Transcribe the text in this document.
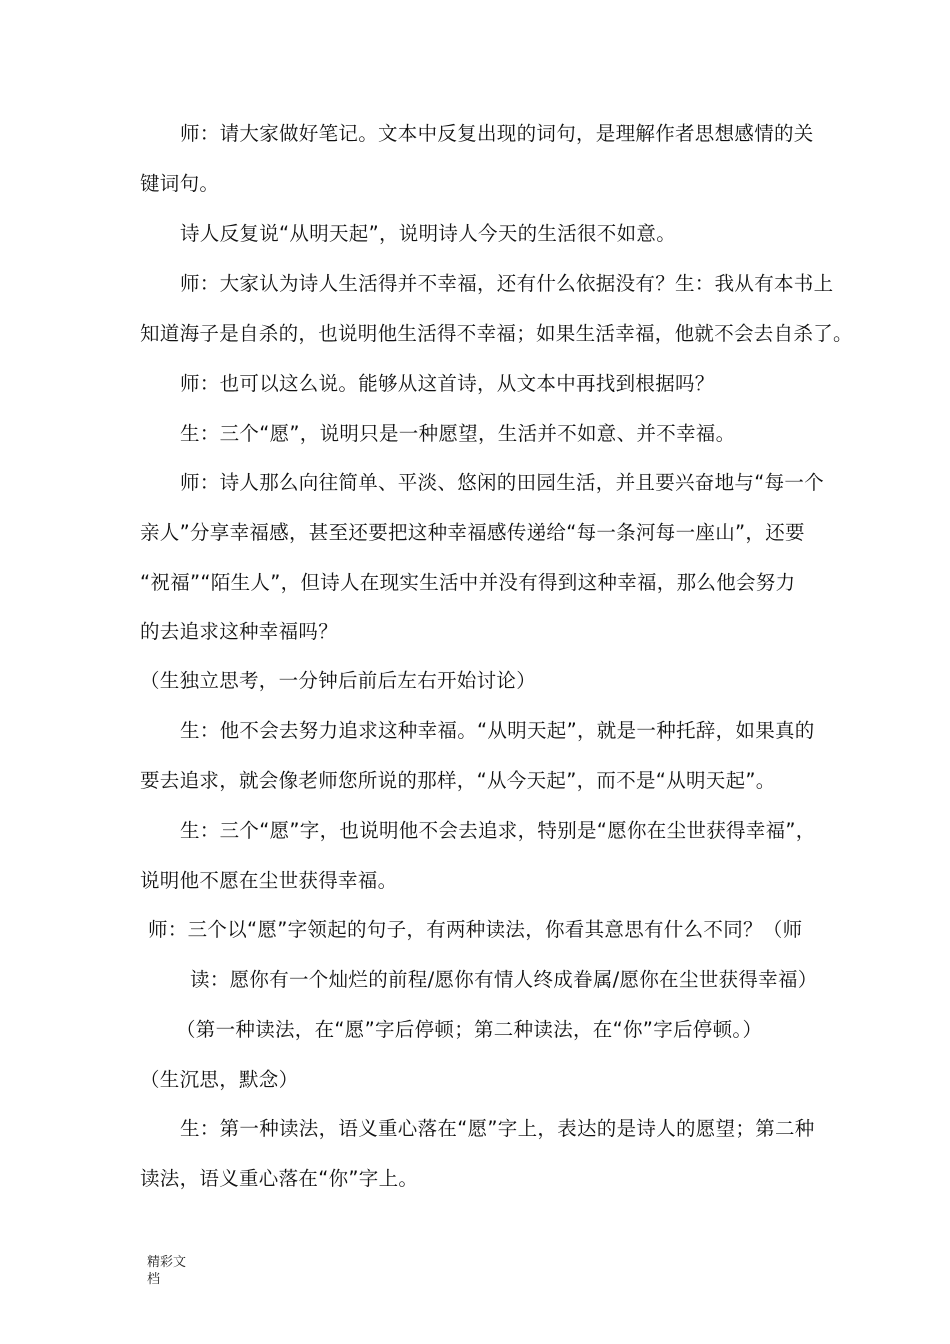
师：请大家做好笔记。文本中反复出现的词句，是理解作者思想感情的关
键词句。
诗人反复说“从明天起”，说明诗人今天的生活很不如意。
师：大家认为诗人生活得并不幸福，还有什么依据没有？生：我从有本书上
知道海子是自杀的，也说明他生活得不幸福；如果生活幸福，他就不会去自杀了。
师：也可以这么说。能够从这首诗，从文本中再找到根据吗？
生：三个“愿”，说明只是一种愿望，生活并不如意、并不幸福。
师：诗人那么向往简单、平淡、悠闲的田园生活，并且要兴奋地与“每一个
亲人”分享幸福感，甚至还要把这种幸福感传递给“每一条河每一座山”，还要
“祝福”“陌生人”，但诗人在现实生活中并没有得到这种幸福，那么他会努力
的去追求这种幸福吗？
（生独立思考，一分钟后前后左右开始讨论）
生：他不会去努力追求这种幸福。“从明天起”，就是一种托辞，如果真的
要去追求，就会像老师您所说的那样，“从今天起”，而不是“从明天起”。
生：三个“愿”字，也说明他不会去追求，特别是“愿你在尘世获得幸福”，
说明他不愿在尘世获得幸福。
师：三个以“愿”字领起的句子，有两种读法，你看其意思有什么不同？（师
读：愿你有一个灿烂的前程/愿你有情人终成眷属/愿你在尘世获得幸福）
（第一种读法，在“愿”字后停顿；第二种读法，在“你”字后停顿。）
（生沉思，默念）
生：第一种读法，语义重心落在“愿”字上，表达的是诗人的愿望；第二种
读法，语义重心落在“你”字上。
精彩文
档
